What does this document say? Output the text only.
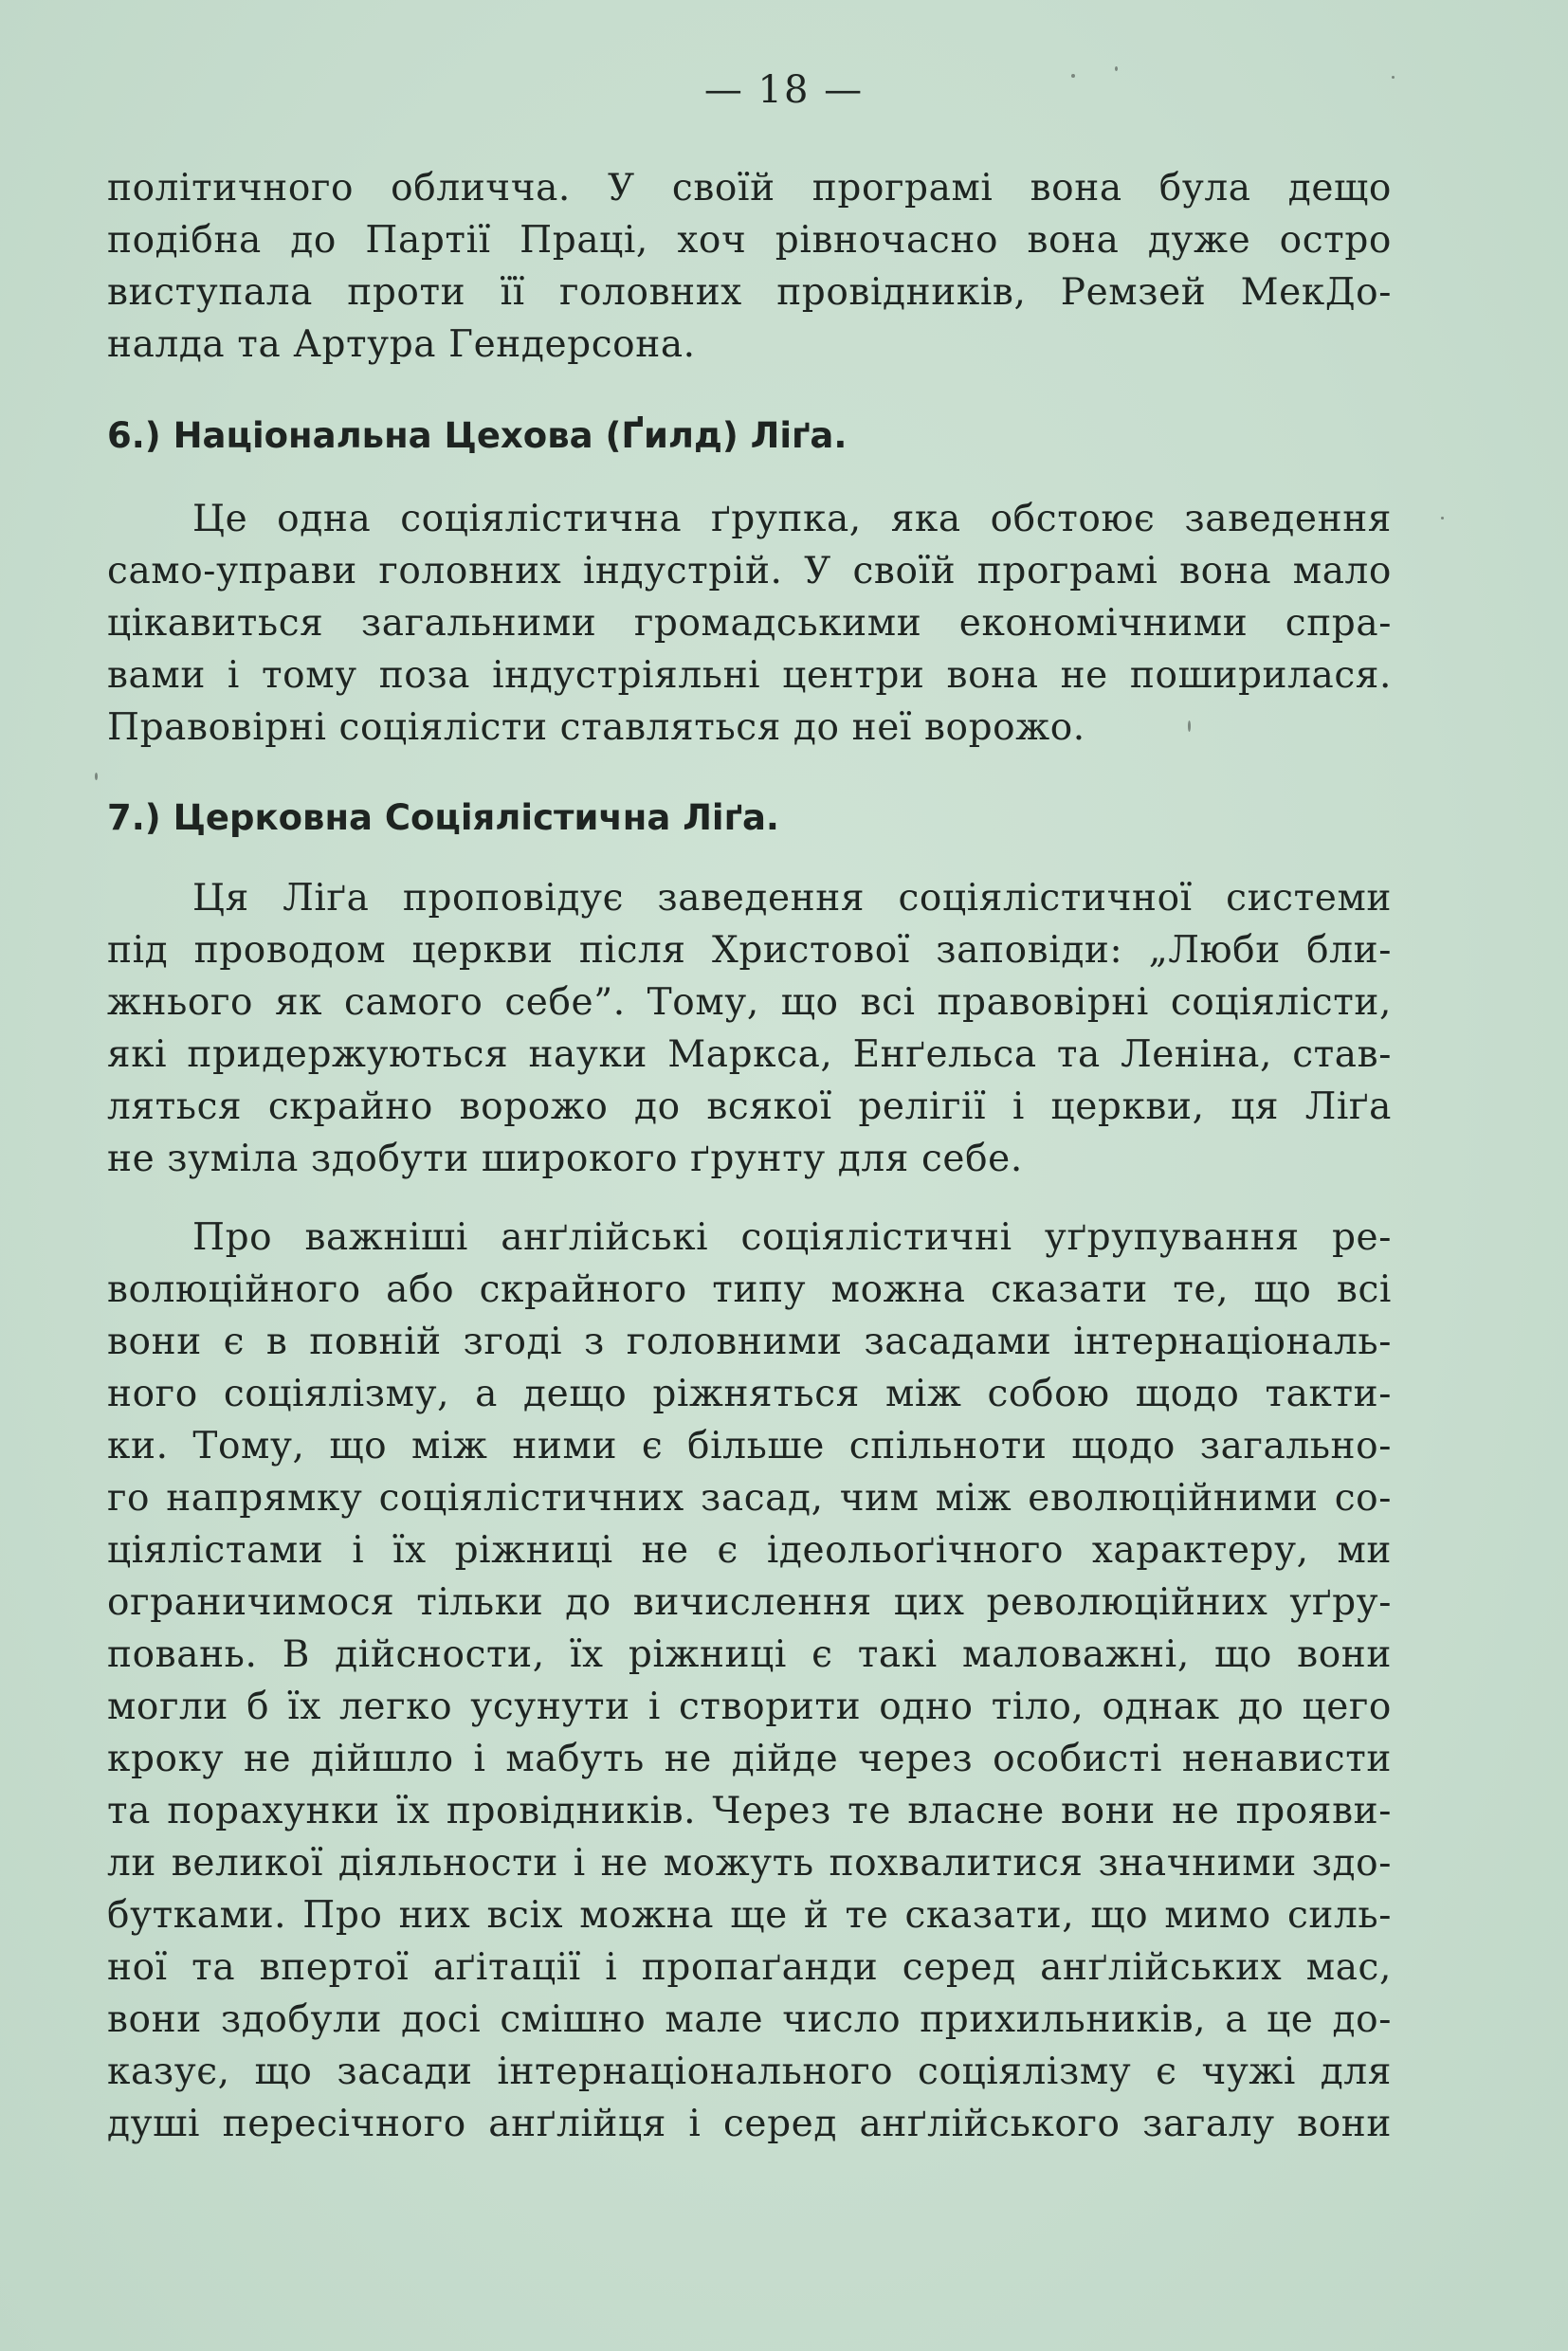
— 18 —
політичного обличча. У своїй програмі вона була дещо
подібна до Партії Праці, хоч рівночасно вона дуже остро
виступала проти її головних провідників, Ремзей МекДо-
налда та Артура Гендерсона.
6.) Національна Цехова (Ґилд) Ліґа.
Це одна соціялістична ґрупка, яка обстоює заведення
само-управи головних індустрій. У своїй програмі вона мало
цікавиться загальними громадськими економічними спра-
вами і тому поза індустріяльні центри вона не поширилася.
Правовірні соціялісти ставляться до неї ворожо.
7.) Церковна Соціялістична Ліґа.
Ця Ліґа проповідує заведення соціялістичної системи
під проводом церкви після Христової заповіди: „Люби бли-
жнього як самого себе”. Тому, що всі правовірні соціялісти,
які придержуються науки Маркса, Енґельса та Леніна, став-
ляться скрайно ворожо до всякої релігії і церкви, ця Ліґа
не зуміла здобути широкого ґрунту для себе.
Про важніші анґлійські соціялістичні уґрупування ре-
волюційного або скрайного типу можна сказати те, що всі
вони є в повній згоді з головними засадами інтернаціональ-
ного соціялізму, а дещо ріжняться між собою щодо такти-
ки. Тому, що між ними є більше спільноти щодо загально-
го напрямку соціялістичних засад, чим між еволюційними со-
ціялістами і їх ріжниці не є ідеольоґічного характеру, ми
ограничимося тільки до вичислення цих революційних уґру-
повань. В дійсности, їх ріжниці є такі маловажні, що вони
могли б їх легко усунути і створити одно тіло, однак до цего
кроку не дійшло і мабуть не дійде через особисті ненависти
та порахунки їх провідників. Через те власне вони не прояви-
ли великої діяльности і не можуть похвалитися значними здо-
бутками. Про них всіх можна ще й те сказати, що мимо силь-
ної та впертої аґітації і пропаґанди серед анґлійських мас,
вони здобули досі смішно мале число прихильників, а це до-
казує, що засади інтернаціонального соціялізму є чужі для
душі пересічного анґлійця і серед анґлійського загалу вони
